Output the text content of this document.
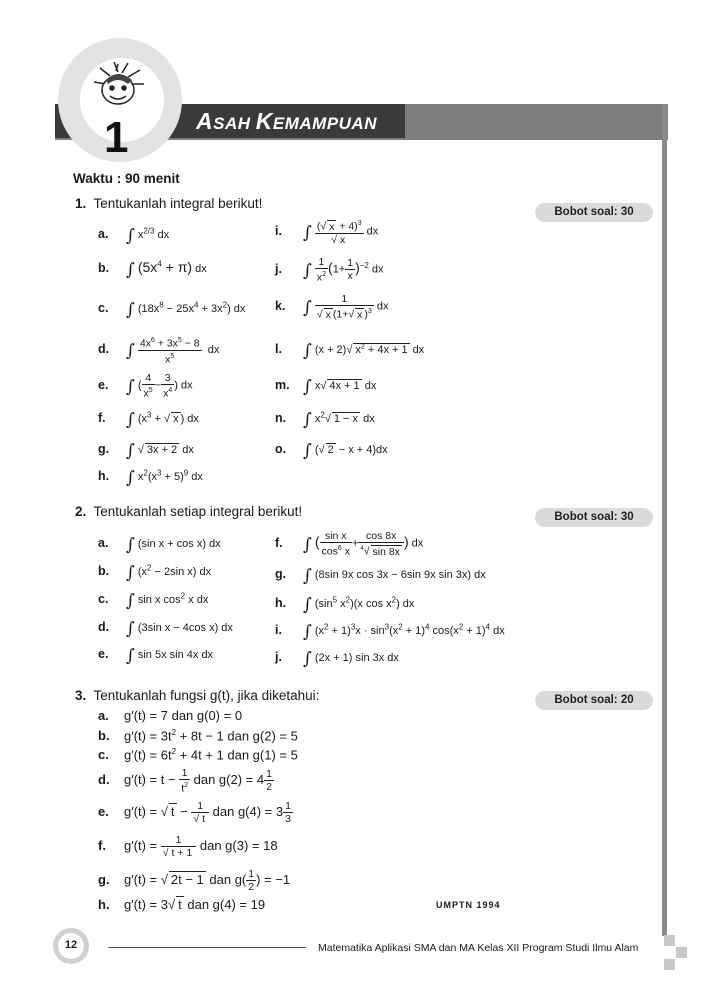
1	ASAH KEMAMPUAN
Waktu : 90 menit
1. Tentukanlah integral berikut!
Bobot soal: 30
a. ∫ $x^{2/3}$ dx
b. ∫ $(5x^4 + \pi)$ dx
c. ∫ $(18x^8 - 25x^4 + 3x^2)$ dx
d. ∫ $\frac{4x^6 + 3x^5 - 8}{x^5}$ dx
e. ∫ ( $\frac{4}{x^5} - \frac{3}{x^4}$ ) dx
f. ∫ ($x^3$ + √ x ) dx
g. ∫ √ 3x + 2 dx
h. ∫ $x^2(x^3 + 5)^9$ dx
i. ∫ $\frac{(√ x + 4)^3}{√ x}$ dx
j. ∫ $\frac{1}{x^2} (1+ \frac{1}{x} )^{-2}$ dx
k. ∫ $\frac{1}{√ x (1+√ x )^3}$ dx
l. ∫ (x + 2)√ $x^2 + 4x + 1$ dx
m. ∫ x√ 4x + 1 dx
n. ∫ $x^2√$ 1 − x dx
o. ∫ (√ 2 − x + 4)dx
2. Tentukanlah setiap integral berikut!	Bobot soal: 30
a. ∫ (sin x + cos x) dx
b. ∫ ($x^2 - 2\sin$ x) dx
c. ∫ sin x $\cos^2 x$ dx
d. ∫ (3sin x − 4cos x) dx
e. ∫ sin 5x sin 4x dx
f. ∫ ( $\frac{\text{sin x}}{\cos^6 x} + \frac{\cos 8x}{^4√ \sin 8x}$ ) dx
g. ∫ (8sin 9x cos 3x − 6sin 9x sin 3x) dx
h. ∫ ($\sin^5$ $x^2)(x$ $\cos x^2$) dx
i. ∫ $(x^2 + 1)^3x \cdot \sin^3(x^2 + 1)^4$ $\cos(x^2 + 1)^4$ dx
j. ∫ (2x + 1) sin 3x dx
3. Tentukanlah fungsi g(t), jika diketahui:	Bobot soal: 20
a. g′(t) = 7 dan g(0) = 0
b. $g'(t) = 3t^2 + 8t - 1$ dan g(2) = 5
c. $g'(t) = 6t^2 + 4t + 1$ dan g(1) = 5
d. $g'(t) = t - \frac{1}{t^2}$ dan $g(2) = 4 \frac{1}{2}$
e. g′(t) = √ $t - \frac{1}{√ t}$ dan $g(4) = 3 \frac{1}{3}$
f. $g'(t) = \frac{1}{√ t + 1}$ dan g(3) = 18
g. g′(t) = √ 2t − 1 dan $g( \frac{1}{2}$ ) = −1
h. g′(t) = 3√ t dan g(4) = 19	UMPTN 1994
12	Matematika Aplikasi SMA dan MA Kelas XII Program Studi Ilmu Alam
